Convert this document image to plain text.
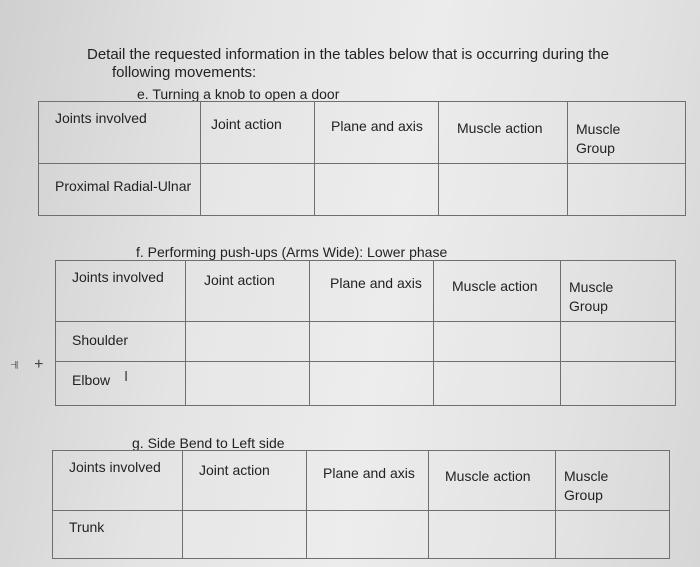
Detail the requested information in the tables below that is occurring during the
following movements:
e. Turning a knob to open a door
Joints involved	Joint action	Plane and axis	Muscle action	Muscle
Group
Proximal Radial-Ulnar				
f. Performing push-ups (Arms Wide): Lower phase
Joints involved	Joint action	Plane and axis	Muscle action	Muscle
Group
Shoulder				
Elbow				
g. Side Bend to Left side
Joints involved	Joint action	Plane and axis	Muscle action	Muscle
Group
Trunk				
⫣ +
I
